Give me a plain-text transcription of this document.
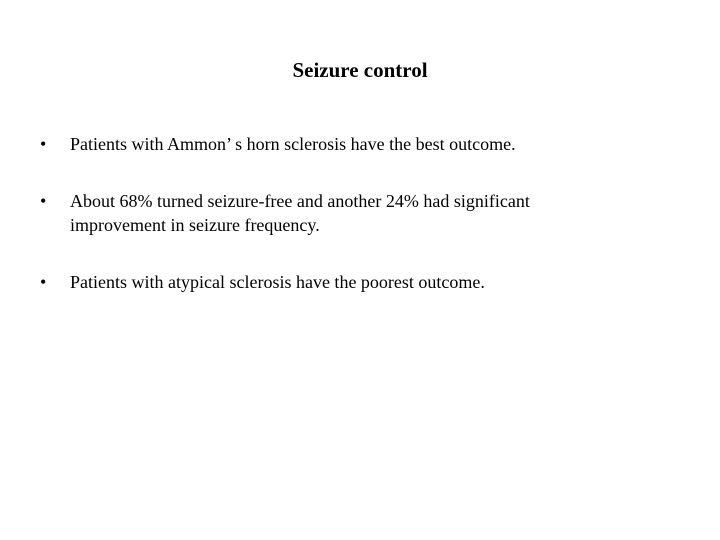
Seizure control
•	Patients with Ammon’ s horn sclerosis have the best outcome.
•	About 68% turned seizure-free and another 24% had significant
improvement in seizure frequency.
•	Patients with atypical sclerosis have the poorest outcome.
